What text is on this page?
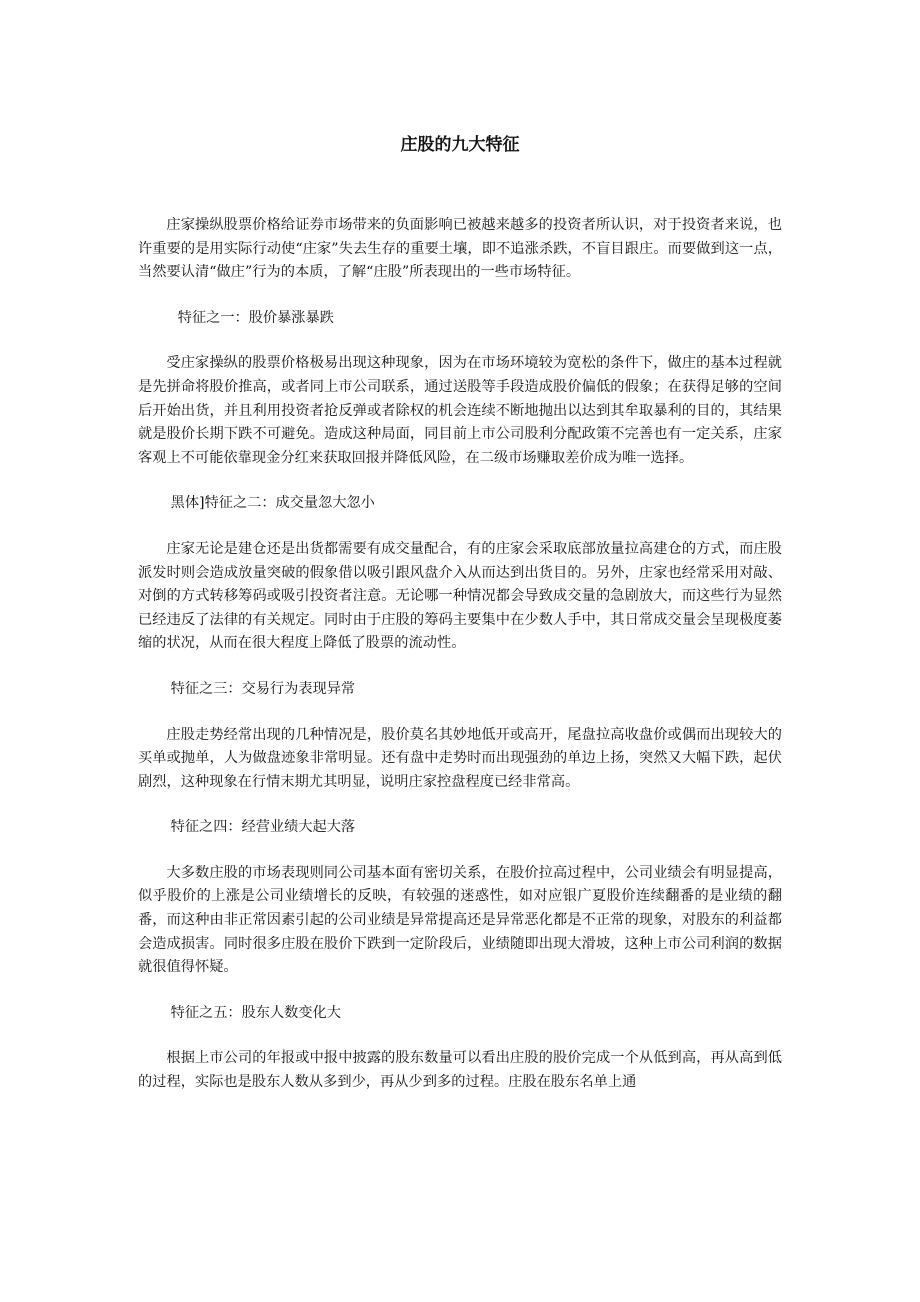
庄股的九大特征

庄家操纵股票价格给证券市场带来的负面影响已被越来越多的投资者所认识，对于投资者来说，也许重要的是用实际行动使“庄家”失去生存的重要土壤，即不追涨杀跌，不盲目跟庄。而要做到这一点，当然要认清“做庄”行为的本质，了解“庄股”所表现出的一些市场特征。

特征之一：股价暴涨暴跌

受庄家操纵的股票价格极易出现这种现象，因为在市场环境较为宽松的条件下，做庄的基本过程就是先拼命将股价推高，或者同上市公司联系，通过送股等手段造成股价偏低的假象；在获得足够的空间后开始出货，并且利用投资者抢反弹或者除权的机会连续不断地抛出以达到其牟取暴利的目的，其结果就是股价长期下跌不可避免。造成这种局面，同目前上市公司股利分配政策不完善也有一定关系，庄家客观上不可能依靠现金分红来获取回报并降低风险，在二级市场赚取差价成为唯一选择。

黑体]特征之二：成交量忽大忽小

庄家无论是建仓还是出货都需要有成交量配合，有的庄家会采取底部放量拉高建仓的方式，而庄股派发时则会造成放量突破的假象借以吸引跟风盘介入从而达到出货目的。另外，庄家也经常采用对敲、对倒的方式转移筹码或吸引投资者注意。无论哪一种情况都会导致成交量的急剧放大，而这些行为显然已经违反了法律的有关规定。同时由于庄股的筹码主要集中在少数人手中，其日常成交量会呈现极度萎缩的状况，从而在很大程度上降低了股票的流动性。

特征之三：交易行为表现异常

庄股走势经常出现的几种情况是，股价莫名其妙地低开或高开，尾盘拉高收盘价或偶而出现较大的买单或抛单，人为做盘迹象非常明显。还有盘中走势时而出现强劲的单边上扬，突然又大幅下跌，起伏剧烈，这种现象在行情末期尤其明显，说明庄家控盘程度已经非常高。

特征之四：经营业绩大起大落

大多数庄股的市场表现则同公司基本面有密切关系，在股价拉高过程中，公司业绩会有明显提高，似乎股价的上涨是公司业绩增长的反映，有较强的迷惑性，如对应银广夏股价连续翻番的是业绩的翻番，而这种由非正常因素引起的公司业绩是异常提高还是异常恶化都是不正常的现象，对股东的利益都会造成损害。同时很多庄股在股价下跌到一定阶段后，业绩随即出现大滑坡，这种上市公司利润的数据就很值得怀疑。

特征之五：股东人数变化大

根据上市公司的年报或中报中披露的股东数量可以看出庄股的股价完成一个从低到高，再从高到低的过程，实际也是股东人数从多到少，再从少到多的过程。庄股在股东名单上通
